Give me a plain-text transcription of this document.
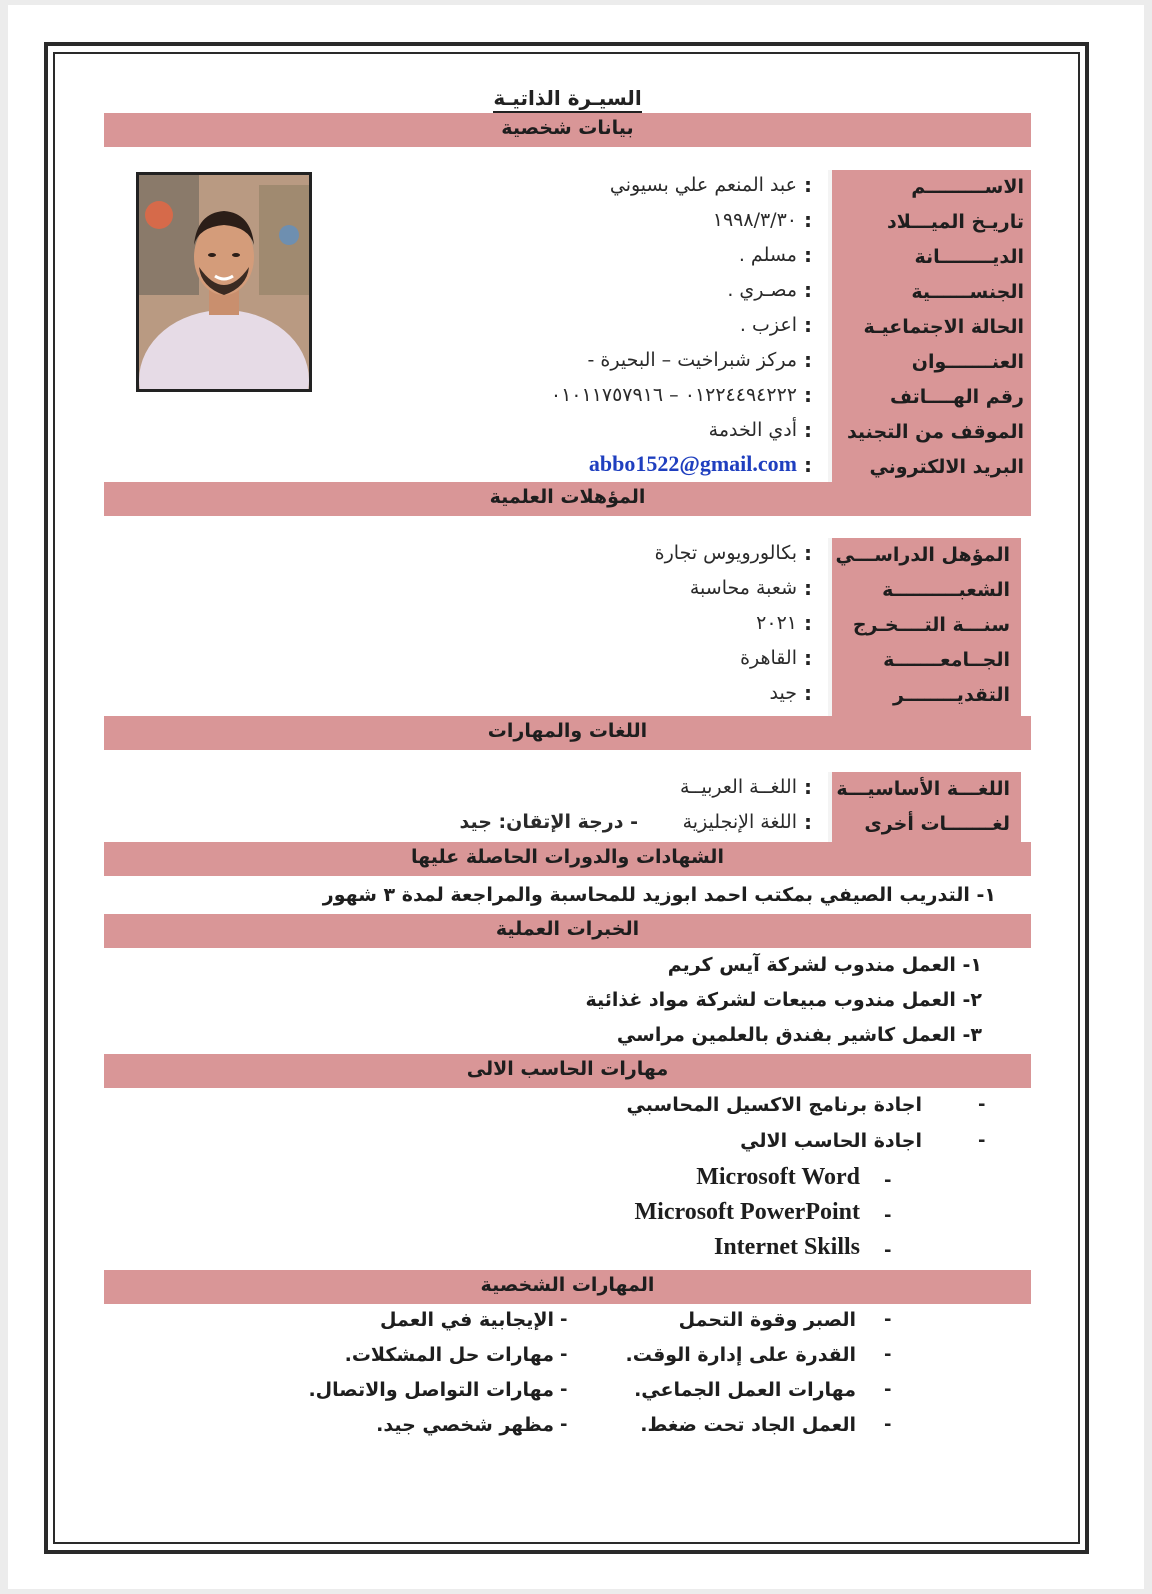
السيـرة الذاتيـة
بيانات شخصية
الاســـــــــم
:
عبد المنعم علي بسيوني
تاريـخ الميـــلاد
:
١٩٩٨/٣/٣٠
الديــــــــانة
:
مسلم .
الجنســــــية
:
مصـري .
الحالة الاجتماعيـة
:
اعزب .
العنـــــــوان
:
مركز شبراخيت – البحيرة -
رقم الهــــاتف
:
٠١٢٢٤٤٩٤٢٢٢ – ٠١٠١١٧٥٧٩١٦
الموقف من التجنيد
:
أدي الخدمة
البريد الالكتروني
:
abbo1522@gmail.com
المؤهلات العلمية
المؤهل الدراســـي
:
بكالورويوس تجارة
الشعبــــــــــة
:
شعبة محاسبة
سنـــة التــــخـرج
:
٢٠٢١
الجــامعـــــــة
:
القاهرة
التقديــــــــر
:
جيد
اللغات والمهارات
اللغـــة الأساسيـــة
:
اللغــة العربيــة
لغـــــــات أخرى
:
اللغة الإنجليزية
- درجة الإتقان: جيد
الشهادات والدورات الحاصلة عليها
١- التدريب الصيفي بمكتب احمد ابوزيد للمحاسبة والمراجعة لمدة ٣ شهور
الخبرات العملية
١- العمل مندوب لشركة آيس كريم
٢- العمل مندوب مبيعات لشركة مواد غذائية
٣- العمل كاشير بفندق بالعلمين مراسي
مهارات الحاسب الالى
-
اجادة برنامج الاكسيل المحاسبي
-
اجادة الحاسب الالي
Microsoft Word -
Microsoft PowerPoint -
Internet Skills -
المهارات الشخصية
-
الصبر وقوة التحمل
-
الإيجابية في العمل
-
القدرة على إدارة الوقت.
-
مهارات حل المشكلات.
-
مهارات العمل الجماعي.
-
مهارات التواصل والاتصال.
-
العمل الجاد تحت ضغط.
-
مظهر شخصي جيد.
